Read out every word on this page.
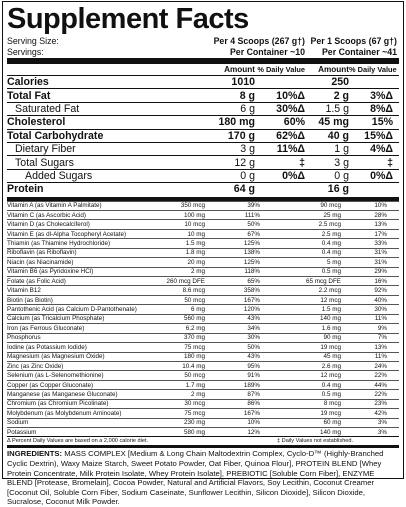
Supplement Facts
Serving Size:	Per 4 Scoops (267 g†) Per 1 Scoops (67 g†)
Servings:	Per Container ~10	Per Container ~41
Amount % Daily Value	Amount % Daily Value
Calories	1010	250
Total Fat	8 g	10%Δ	2 g	3%Δ
Saturated Fat	6 g	30%Δ	1.5 g	8%Δ
Cholesterol	180 mg	60%	45 mg	15%
Total Carbohydrate	170 g	62%Δ	40 g	15%Δ
Dietary Fiber	3 g	11%Δ	1 g	4%Δ
Total Sugars	12 g	‡	3 g	‡
Added Sugars	0 g	0%Δ	0 g	0%Δ
Protein	64 g	16 g
Vitamin A (as Vitamin A Palmitate)	350 mcg	39%	90 mcg	10%
Vitamin C (as Ascorbic Acid)	100 mg	111%	25 mg	28%
Vitamin D (as Cholecalciferol)	10 mcg	50%	2.5 mcg	13%
Vitamin E (as dl-Alpha Tocopheryl Acetate)	10 mg	67%	2.5 mg	17%
Thiamin (as Thiamine Hydrochloride)	1.5 mg	125%	0.4 mg	33%
Riboflavin (as Riboflavin)	1.8 mg	138%	0.4 mg	31%
Niacin (as Niacinamide)	20 mg	125%	5 mg	31%
Vitamin B6 (as Pyridoxine HCl)	2 mg	118%	0.5 mg	29%
Folate (as Folic Acid)	260 mcg DFE	65%	65 mcg DFE	16%
Vitamin B12	8.6 mcg	358%	2.2 mcg	92%
Biotin (as Biotin)	50 mcg	167%	12 mcg	40%
Pantothenic Acid (as Calcium D-Pantothenate)	6 mg	120%	1.5 mg	30%
Calcium (as Tricalcium Phosphate)	560 mg	43%	140 mg	11%
Iron (as Ferrous Gluconate)	6.2 mg	34%	1.6 mg	9%
Phosphorus	370 mg	30%	90 mg	7%
Iodine (as Potassium Iodide)	75 mcg	50%	19 mcg	13%
Magnesium (as Magnesium Oxide)	180 mg	43%	45 mg	11%
Zinc (as Zinc Oxide)	10.4 mg	95%	2.6 mg	24%
Selenium (as L-Selenomethionine)	50 mcg	91%	12 mcg	22%
Copper (as Copper Gluconate)	1.7 mg	189%	0.4 mg	44%
Manganese (as Manganese Gluconate)	2 mg	87%	0.5 mg	22%
Chromium (as Chromium Picolinate)	30 mcg	86%	8 mcg	23%
Molybdenum (as Molybdenum Aminoate)	75 mcg	167%	19 mcg	42%
Sodium	230 mg	10%	60 mg	3%
Potassium	580 mg	12%	140 mg	3%
Δ Percent Daily Values are based on a 2,000 calorie diet.	‡ Daily Values not established.
INGREDIENTS: MASS COMPLEX [Medium & Long Chain Maltodextrin Complex, Cyclo-D™ (Highly-Branched Cyclic Dextrin), Waxy Maize Starch, Sweet Potato Powder, Oat Fiber, Quinoa Flour], PROTEIN BLEND [Whey Protein Concentrate, Milk Protein Isolate, Whey Protein Isolate], PREBIOTIC [Soluble Corn Fiber], ENZYME BLEND [Protease, Bromelain], Cocoa Powder, Natural and Artificial Flavors, Soy Lecithin, Coconut Creamer [Coconut Oil, Soluble Corn Fiber, Sodium Caseinate, Sunflower Lecithin, Silicon Dioxide], Silicon Dioxide, Sucralose, Coconut Milk Powder.
